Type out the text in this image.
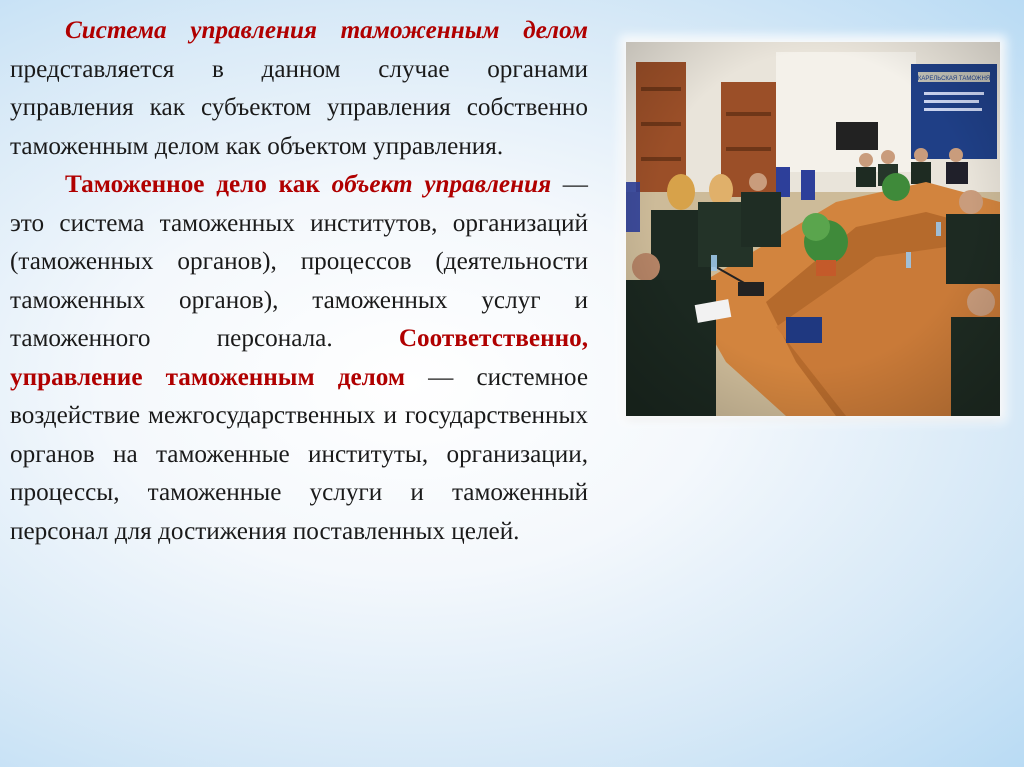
Система управления таможенным делом представляется в данном случае органами управления как субъектом управления собственно таможенным делом как объектом управления.

Таможенное дело как объект управления — это система таможенных институтов, организаций (таможенных органов), процессов (деятельности таможенных органов), таможенных услуг и таможенного персонала. Соответственно, управление таможенным делом — системное воздействие межгосударственных и государственных органов на таможенные институты, организации, процессы, таможенные услуги и таможенный персонал для достижения поставленных целей.
